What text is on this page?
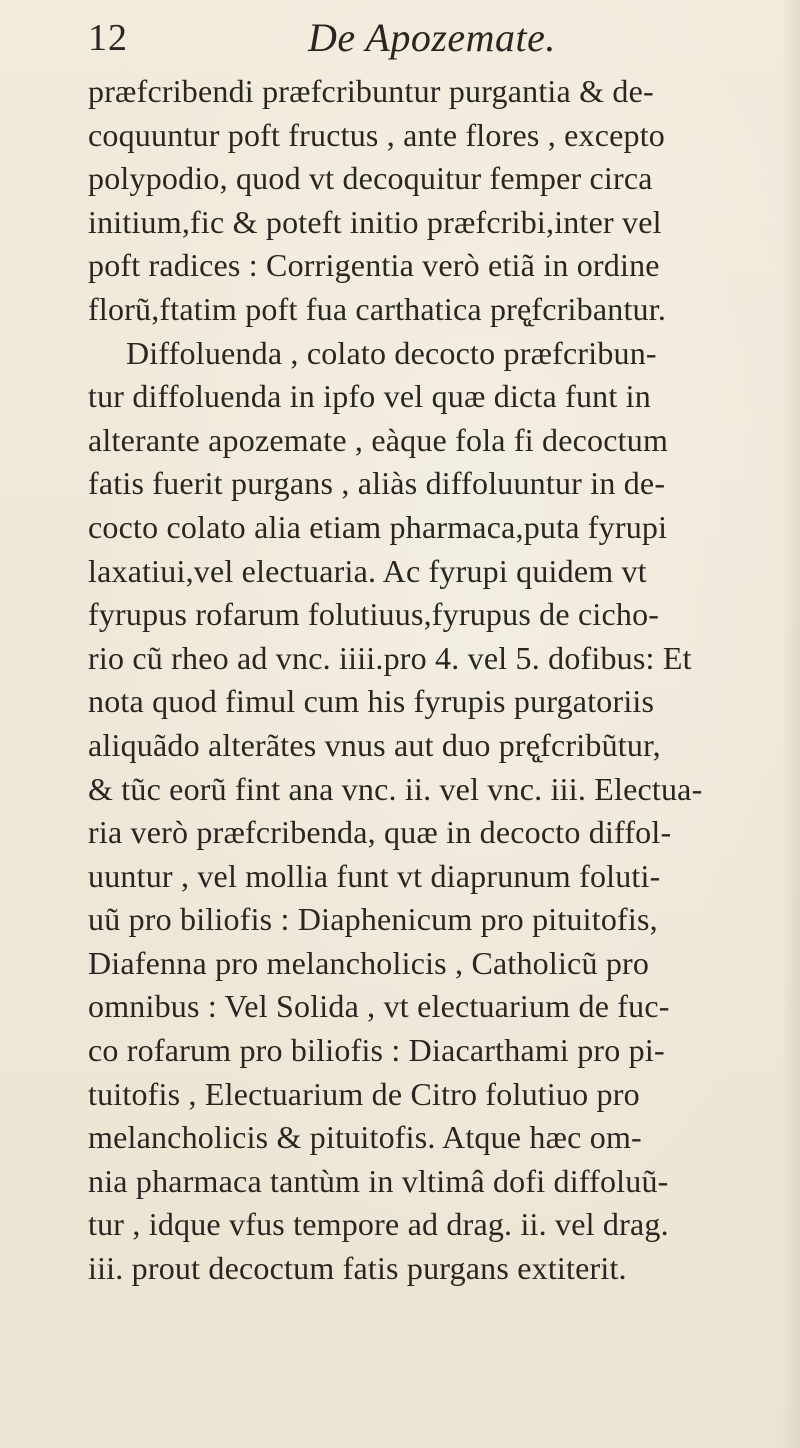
12	De Apozemate.
præfcribendi præfcribuntur purgantia & de-
coquuntur poft fructus , ante flores , excepto
polypodio, quod vt decoquitur femper circa
initium,fic & poteft initio præfcribi,inter vel
poft radices : Corrigentia verò etiã in ordine
florũ,ftatim poft fua carthatica prę̨fcribantur.
Diffoluenda , colato decocto præfcribun-
tur diffoluenda in ipfo vel quæ dicta funt in
alterante apozemate , eàque fola fi decoctum
fatis fuerit purgans , aliàs diffoluuntur in de-
cocto colato alia etiam pharmaca,puta fyrupi
laxatiui,vel electuaria. Ac fyrupi quidem vt
fyrupus rofarum folutiuus,fyrupus de cicho-
rio cũ rheo ad vnc. iiii.pro 4. vel 5. dofibus: Et
nota quod fimul cum his fyrupis purgatoriis
aliquãdo alterãtes vnus aut duo prę̨fcribũtur,
& tũc eorũ fint ana vnc. ii. vel vnc. iii. Electua-
ria verò præfcribenda, quæ in decocto diffol-
uuntur , vel mollia funt vt diaprunum foluti-
uũ pro biliofis : Diaphenicum pro pituitofis,
Diafenna pro melancholicis , Catholicũ pro
omnibus : Vel Solida , vt electuarium de fuc-
co rofarum pro biliofis : Diacarthami pro pi-
tuitofis , Electuarium de Citro folutiuo pro
melancholicis & pituitofis. Atque hæc om-
nia pharmaca tantùm in vltimâ dofi diffoluũ-
tur , idque vfus tempore ad drag. ii. vel drag.
iii. prout decoctum fatis purgans extiterit.
